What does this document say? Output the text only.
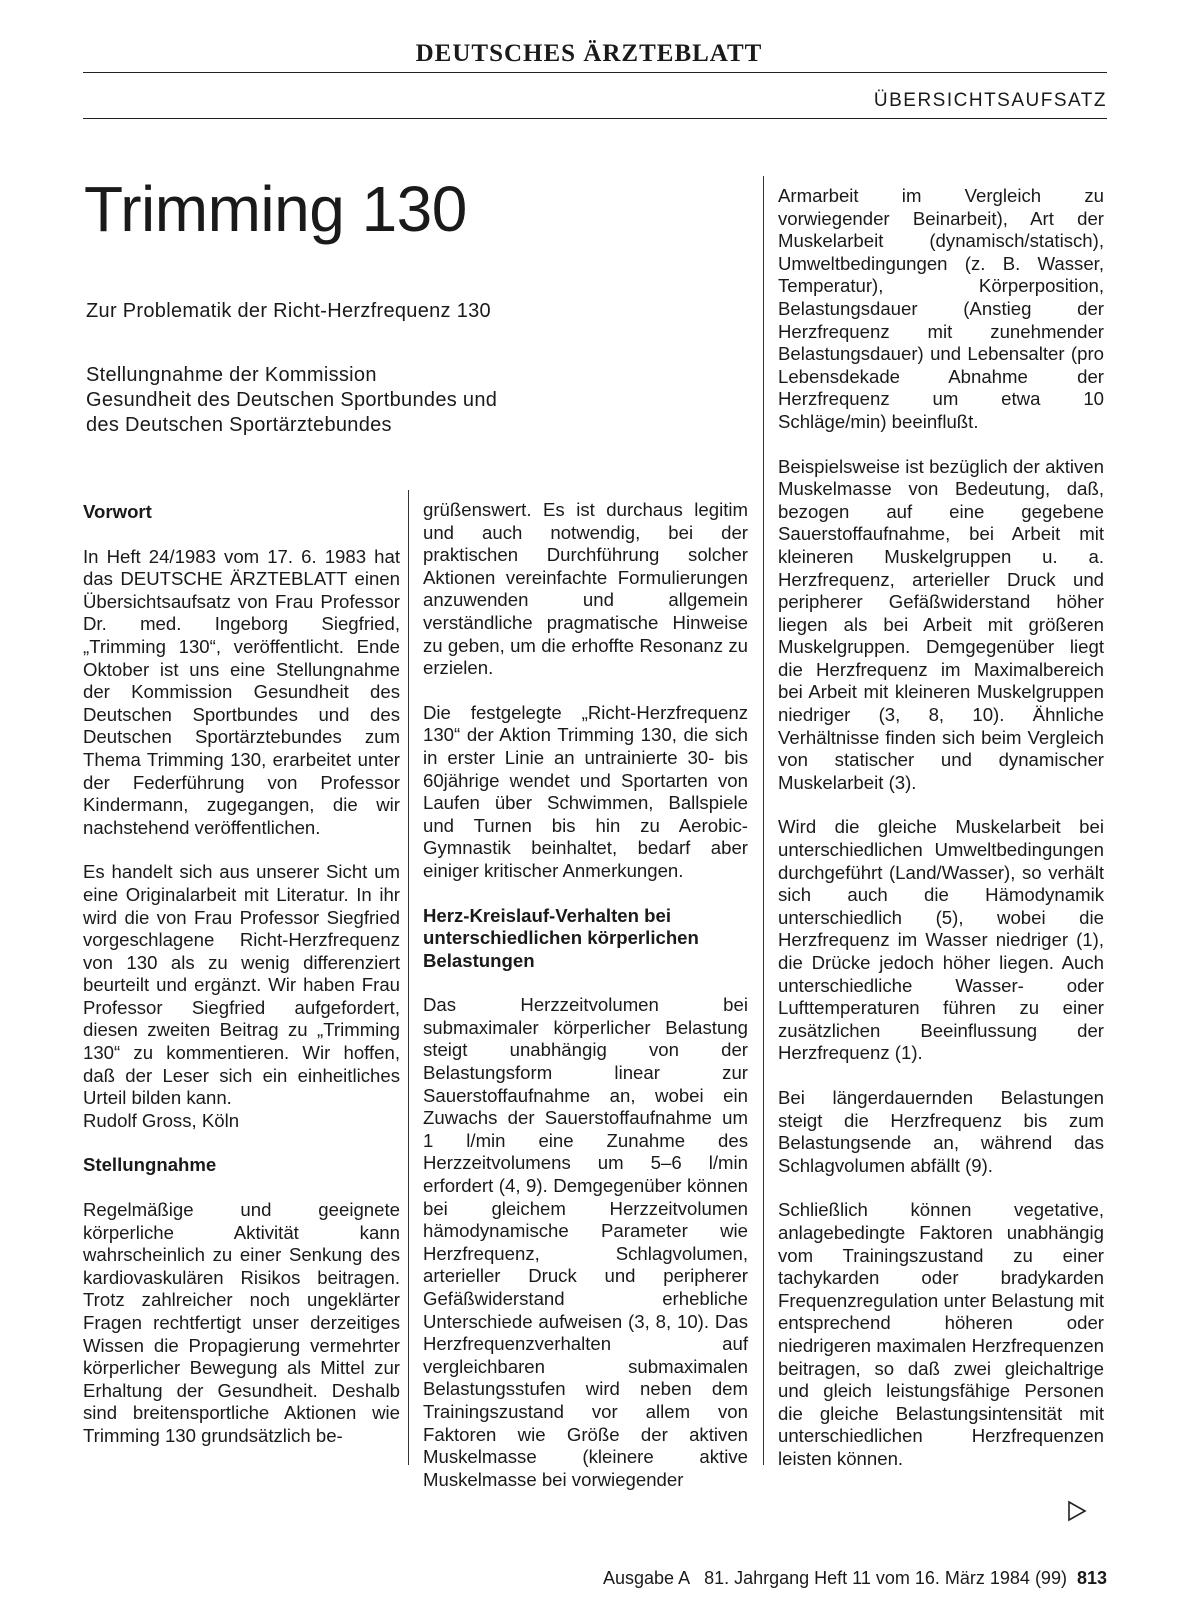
DEUTSCHES ÄRZTEBLATT
ÜBERSICHTSAUFSATZ
Trimming 130
Zur Problematik der Richt-Herzfrequenz 130
Stellungnahme der Kommission
Gesundheit des Deutschen Sportbundes und
des Deutschen Sportärztebundes
Vorwort

In Heft 24/1983 vom 17. 6. 1983 hat das DEUTSCHE ÄRZTEBLATT einen Übersichtsaufsatz von Frau Professor Dr. med. Ingeborg Siegfried, „Trimming 130“, veröffentlicht. Ende Oktober ist uns eine Stellungnahme der Kommission Gesundheit des Deutschen Sportbundes und des Deutschen Sportärztebundes zum Thema Trimming 130, erarbeitet unter der Federführung von Professor Kindermann, zugegangen, die wir nachstehend veröffentlichen.

Es handelt sich aus unserer Sicht um eine Originalarbeit mit Literatur. In ihr wird die von Frau Professor Siegfried vorgeschlagene Richt-Herzfrequenz von 130 als zu wenig differenziert beurteilt und ergänzt. Wir haben Frau Professor Siegfried aufgefordert, diesen zweiten Beitrag zu „Trimming 130“ zu kommentieren. Wir hoffen, daß der Leser sich ein einheitliches Urteil bilden kann.

Rudolf Gross, Köln

Stellungnahme

Regelmäßige und geeignete körperliche Aktivität kann wahrscheinlich zu einer Senkung des kardiovaskulären Risikos beitragen. Trotz zahlreicher noch ungeklärter Fragen rechtfertigt unser derzeitiges Wissen die Propagierung vermehrter körperlicher Bewegung als Mittel zur Erhaltung der Gesundheit. Deshalb sind breitensportliche Aktionen wie Trimming 130 grundsätzlich be-

grüßenswert. Es ist durchaus legitim und auch notwendig, bei der praktischen Durchführung solcher Aktionen vereinfachte Formulierungen anzuwenden und allgemein verständliche pragmatische Hinweise zu geben, um die erhoffte Resonanz zu erzielen.

Die festgelegte „Richt-Herzfrequenz 130“ der Aktion Trimming 130, die sich in erster Linie an untrainierte 30- bis 60jährige wendet und Sportarten von Laufen über Schwimmen, Ballspiele und Turnen bis hin zu Aerobic-Gymnastik beinhaltet, bedarf aber einiger kritischer Anmerkungen.

Herz-Kreislauf-Verhalten bei unterschiedlichen körperlichen Belastungen

Das Herzzeitvolumen bei submaximaler körperlicher Belastung steigt unabhängig von der Belastungsform linear zur Sauerstoffaufnahme an, wobei ein Zuwachs der Sauerstoffaufnahme um 1 l/min eine Zunahme des Herzzeitvolumens um 5–6 l/min erfordert (4, 9). Demgegenüber können bei gleichem Herzzeitvolumen hämodynamische Parameter wie Herzfrequenz, Schlagvolumen, arterieller Druck und peripherer Gefäßwiderstand erhebliche Unterschiede aufweisen (3, 8, 10). Das Herzfrequenzverhalten auf vergleichbaren submaximalen Belastungsstufen wird neben dem Trainingszustand vor allem von Faktoren wie Größe der aktiven Muskelmasse (kleinere aktive Muskelmasse bei vorwiegender

Armarbeit im Vergleich zu vorwiegender Beinarbeit), Art der Muskelarbeit (dynamisch/statisch), Umweltbedingungen (z. B. Wasser, Temperatur), Körperposition, Belastungsdauer (Anstieg der Herzfrequenz mit zunehmender Belastungsdauer) und Lebensalter (pro Lebensdekade Abnahme der Herzfrequenz um etwa 10 Schläge/min) beeinflußt.

Beispielsweise ist bezüglich der aktiven Muskelmasse von Bedeutung, daß, bezogen auf eine gegebene Sauerstoffaufnahme, bei Arbeit mit kleineren Muskelgruppen u. a. Herzfrequenz, arterieller Druck und peripherer Gefäßwiderstand höher liegen als bei Arbeit mit größeren Muskelgruppen. Demgegenüber liegt die Herzfrequenz im Maximalbereich bei Arbeit mit kleineren Muskelgruppen niedriger (3, 8, 10). Ähnliche Verhältnisse finden sich beim Vergleich von statischer und dynamischer Muskelarbeit (3).

Wird die gleiche Muskelarbeit bei unterschiedlichen Umweltbedingungen durchgeführt (Land/Wasser), so verhält sich auch die Hämodynamik unterschiedlich (5), wobei die Herzfrequenz im Wasser niedriger (1), die Drücke jedoch höher liegen. Auch unterschiedliche Wasser- oder Lufttemperaturen führen zu einer zusätzlichen Beeinflussung der Herzfrequenz (1).

Bei längerdauernden Belastungen steigt die Herzfrequenz bis zum Belastungsende an, während das Schlagvolumen abfällt (9).

Schließlich können vegetative, anlagebedingte Faktoren unabhängig vom Trainingszustand zu einer tachykarden oder bradykarden Frequenzregulation unter Belastung mit entsprechend höheren oder niedrigeren maximalen Herzfrequenzen beitragen, so daß zwei gleichaltrige und gleich leistungsfähige Personen die gleiche Belastungsintensität mit unterschiedlichen Herzfrequenzen leisten können.

Ausgabe A   81. Jahrgang Heft 11 vom 16. März 1984 (99) 813
